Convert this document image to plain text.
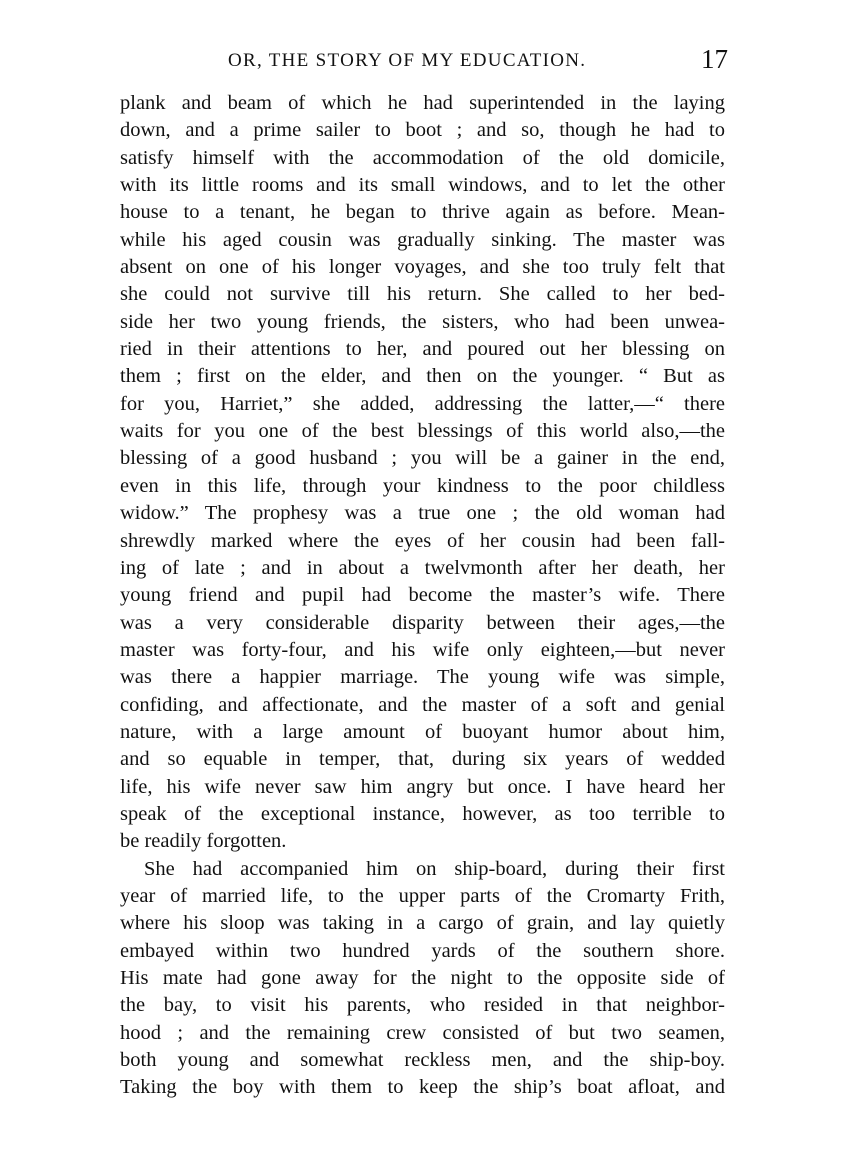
OR, THE STORY OF MY EDUCATION.	17
plank and beam of which he had superintended in the laying
down, and a prime sailer to boot ; and so, though he had to
satisfy himself with the accommodation of the old domicile,
with its little rooms and its small windows, and to let the other
house to a tenant, he began to thrive again as before. Mean-
while his aged cousin was gradually sinking. The master was
absent on one of his longer voyages, and she too truly felt that
she could not survive till his return. She called to her bed-
side her two young friends, the sisters, who had been unwea-
ried in their attentions to her, and poured out her blessing on
them ; first on the elder, and then on the younger. “ But as
for you, Harriet,” she added, addressing the latter,—“ there
waits for you one of the best blessings of this world also,—the
blessing of a good husband ; you will be a gainer in the end,
even in this life, through your kindness to the poor childless
widow.” The prophesy was a true one ; the old woman had
shrewdly marked where the eyes of her cousin had been fall-
ing of late ; and in about a twelvmonth after her death, her
young friend and pupil had become the master’s wife. There
was a very considerable disparity between their ages,—the
master was forty-four, and his wife only eighteen,—but never
was there a happier marriage. The young wife was simple,
confiding, and affectionate, and the master of a soft and genial
nature, with a large amount of buoyant humor about him,
and so equable in temper, that, during six years of wedded
life, his wife never saw him angry but once. I have heard her
speak of the exceptional instance, however, as too terrible to
be readily forgotten.
She had accompanied him on ship-board, during their first
year of married life, to the upper parts of the Cromarty Frith,
where his sloop was taking in a cargo of grain, and lay quietly
embayed within two hundred yards of the southern shore.
His mate had gone away for the night to the opposite side of
the bay, to visit his parents, who resided in that neighbor-
hood ; and the remaining crew consisted of but two seamen,
both young and somewhat reckless men, and the ship-boy.
Taking the boy with them to keep the ship’s boat afloat, and
